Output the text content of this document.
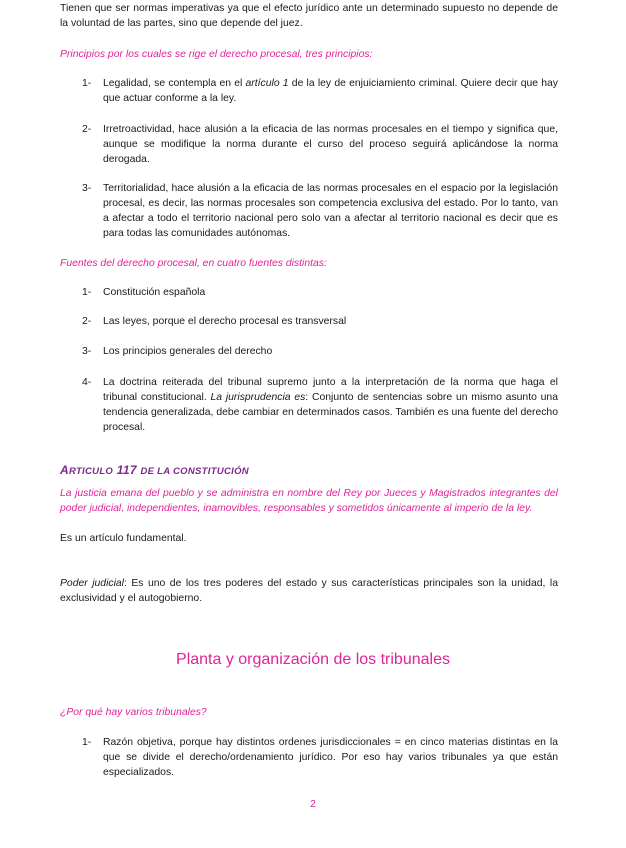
Tienen que ser normas imperativas ya que el efecto jurídico ante un determinado supuesto no depende de la voluntad de las partes, sino que depende del juez.

Principios por los cuales se rige el derecho procesal, tres principios:

1-	Legalidad, se contempla en el artículo 1 de la ley de enjuiciamiento criminal. Quiere decir que hay que actuar conforme a la ley.
2-	Irretroactividad, hace alusión a la eficacia de las normas procesales en el tiempo y significa que, aunque se modifique la norma durante el curso del proceso seguirá aplicándose la norma derogada.
3-	Territorialidad, hace alusión a la eficacia de las normas procesales en el espacio por la legislación procesal, es decir, las normas procesales son competencia exclusiva del estado. Por lo tanto, van a afectar a todo el territorio nacional pero solo van a afectar al territorio nacional es decir que es para todas las comunidades autónomas.

Fuentes del derecho procesal, en cuatro fuentes distintas:

1-	Constitución española
2-	Las leyes, porque el derecho procesal es transversal
3-	Los principios generales del derecho
4-	La doctrina reiterada del tribunal supremo junto a la interpretación de la norma que haga el tribunal constitucional. La jurisprudencia es: Conjunto de sentencias sobre un mismo asunto una tendencia generalizada, debe cambiar en determinados casos. También es una fuente del derecho procesal.

ARTICULO 117 DE LA CONSTITUCIÓN

La justicia emana del pueblo y se administra en nombre del Rey por Jueces y Magistrados integrantes del poder judicial, independientes, inamovibles, responsables y sometidos únicamente al imperio de la ley.

Es un artículo fundamental.

Poder judicial: Es uno de los tres poderes del estado y sus características principales son la unidad, la exclusividad y el autogobierno.

Planta y organización de los tribunales

¿Por qué hay varios tribunales?

1-	Razón objetiva, porque hay distintos ordenes jurisdiccionales = en cinco materias distintas en la que se divide el derecho/ordenamiento jurídico. Por eso hay varios tribunales ya que están especializados.

2
